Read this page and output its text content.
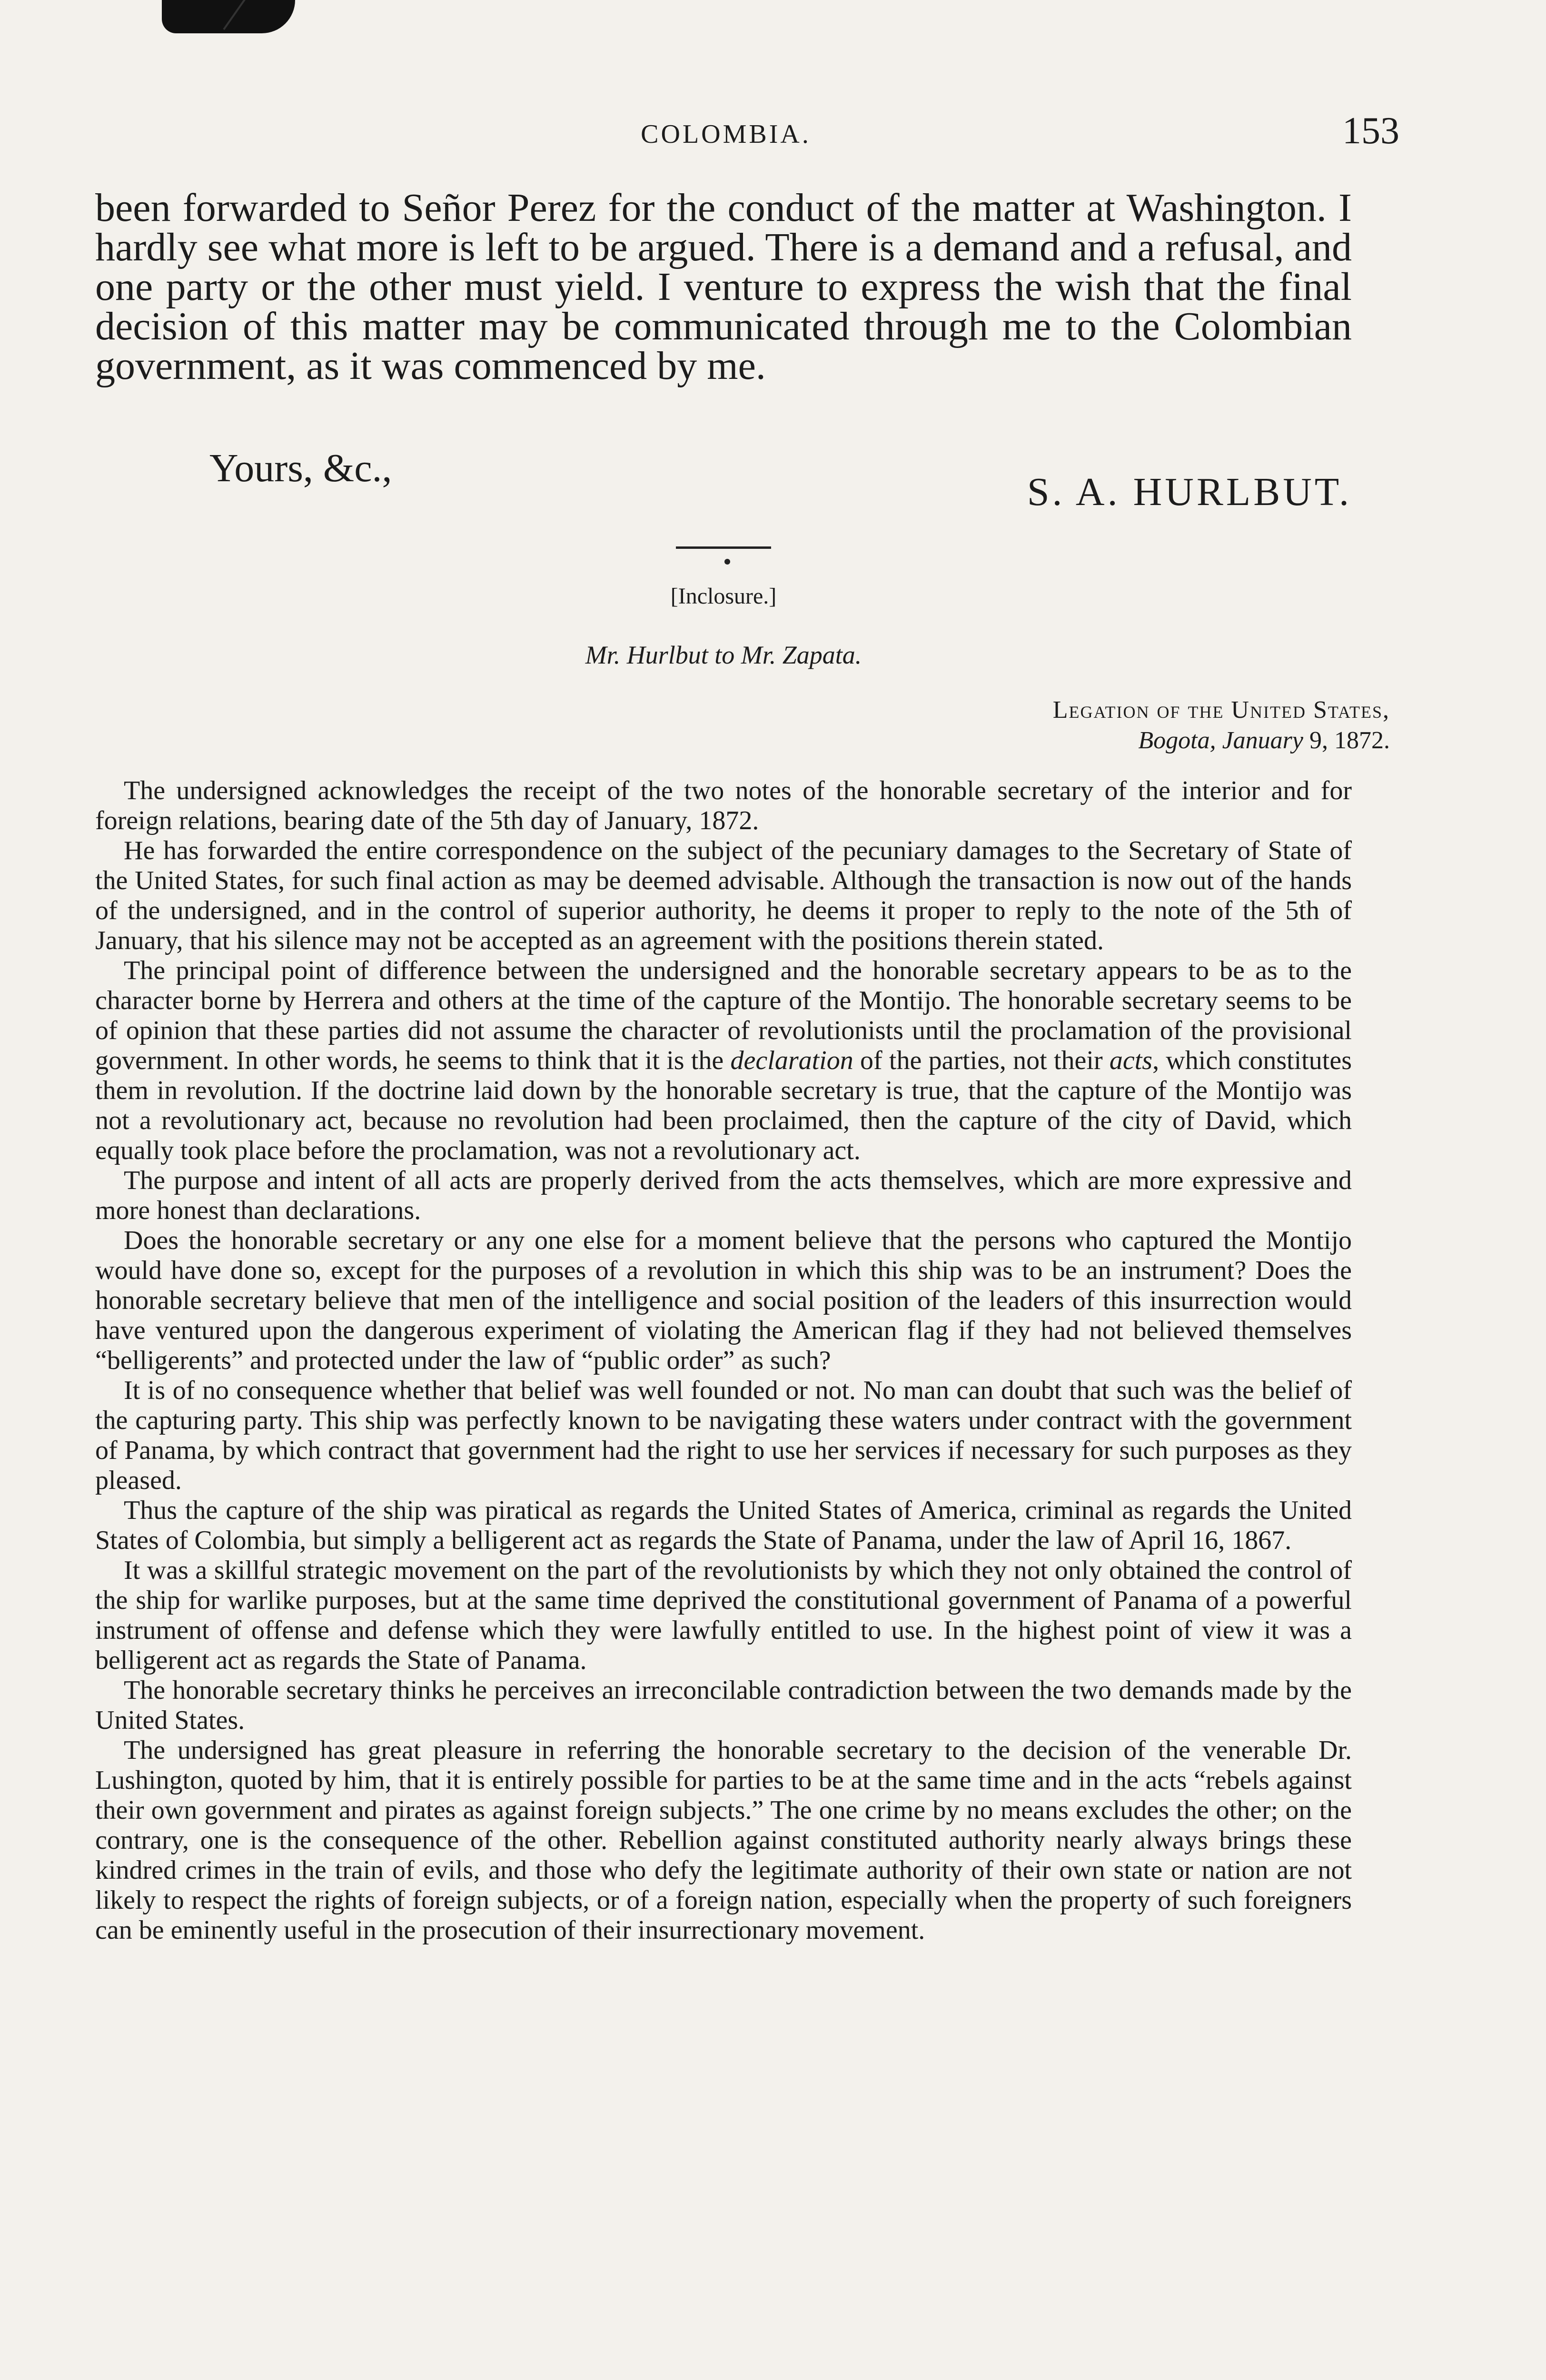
COLOMBIA.	153

been forwarded to Señor Perez for the conduct of the matter at Washington. I hardly see what more is left to be argued. There is a demand and a refusal, and one party or the other must yield. I venture to express the wish that the final decision of this matter may be communicated through me to the Colombian government, as it was commenced by me.

Yours, &c.,
S. A. HURLBUT.
[Inclosure.]
Mr. Hurlbut to Mr. Zapata.
Legation of the United States,
Bogota, January 9, 1872.

The undersigned acknowledges the receipt of the two notes of the honorable secretary of the interior and for foreign relations, bearing date of the 5th day of January, 1872.

He has forwarded the entire correspondence on the subject of the pecuniary damages to the Secretary of State of the United States, for such final action as may be deemed advisable. Although the transaction is now out of the hands of the undersigned, and in the control of superior authority, he deems it proper to reply to the note of the 5th of January, that his silence may not be accepted as an agreement with the positions therein stated.

The principal point of difference between the undersigned and the honorable secretary appears to be as to the character borne by Herrera and others at the time of the capture of the Montijo. The honorable secretary seems to be of opinion that these parties did not assume the character of revolutionists until the proclamation of the provisional government. In other words, he seems to think that it is the declaration of the parties, not their acts, which constitutes them in revolution. If the doctrine laid down by the honorable secretary is true, that the capture of the Montijo was not a revolutionary act, because no revolution had been proclaimed, then the capture of the city of David, which equally took place before the proclamation, was not a revolutionary act.

The purpose and intent of all acts are properly derived from the acts themselves, which are more expressive and more honest than declarations.

Does the honorable secretary or any one else for a moment believe that the persons who captured the Montijo would have done so, except for the purposes of a revolution in which this ship was to be an instrument? Does the honorable secretary believe that men of the intelligence and social position of the leaders of this insurrection would have ventured upon the dangerous experiment of violating the American flag if they had not believed themselves “belligerents” and protected under the law of “public order” as such?

It is of no consequence whether that belief was well founded or not. No man can doubt that such was the belief of the capturing party. This ship was perfectly known to be navigating these waters under contract with the government of Panama, by which contract that government had the right to use her services if necessary for such purposes as they pleased.

Thus the capture of the ship was piratical as regards the United States of America, criminal as regards the United States of Colombia, but simply a belligerent act as regards the State of Panama, under the law of April 16, 1867.

It was a skillful strategic movement on the part of the revolutionists by which they not only obtained the control of the ship for warlike purposes, but at the same time deprived the constitutional government of Panama of a powerful instrument of offense and defense which they were lawfully entitled to use. In the highest point of view it was a belligerent act as regards the State of Panama.

The honorable secretary thinks he perceives an irreconcilable contradiction between the two demands made by the United States.

The undersigned has great pleasure in referring the honorable secretary to the decision of the venerable Dr. Lushington, quoted by him, that it is entirely possible for parties to be at the same time and in the acts “rebels against their own government and pirates as against foreign subjects.” The one crime by no means excludes the other; on the contrary, one is the consequence of the other. Rebellion against constituted authority nearly always brings these kindred crimes in the train of evils, and those who defy the legitimate authority of their own state or nation are not likely to respect the rights of foreign subjects, or of a foreign nation, especially when the property of such foreigners can be eminently useful in the prosecution of their insurrectionary movement.
